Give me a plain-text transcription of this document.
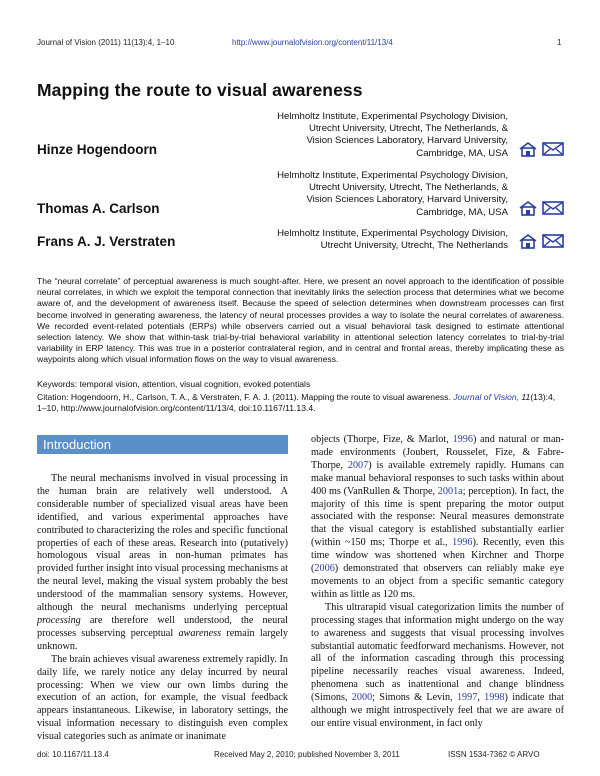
Journal of Vision (2011) 11(13):4, 1–10	http://www.journalofvision.org/content/11/13/4	1
Mapping the route to visual awareness
Helmholtz Institute, Experimental Psychology Division,
Utrecht University, Utrecht, The Netherlands, &
Vision Sciences Laboratory, Harvard University,
Cambridge, MA, USA
Hinze Hogendoorn
Helmholtz Institute, Experimental Psychology Division,
Utrecht University, Utrecht, The Netherlands, &
Vision Sciences Laboratory, Harvard University,
Cambridge, MA, USA
Thomas A. Carlson
Helmholtz Institute, Experimental Psychology Division,
Utrecht University, Utrecht, The Netherlands
Frans A. J. Verstraten

The “neural correlate” of perceptual awareness is much sought-after. Here, we present an novel approach to the identification of possible neural correlates, in which we exploit the temporal connection that inevitably links the selection process that determines what we become aware of, and the development of awareness itself. Because the speed of selection determines when downstream processes can first become involved in generating awareness, the latency of neural processes provides a way to isolate the neural correlates of awareness. We recorded event-related potentials (ERPs) while observers carried out a visual behavioral task designed to estimate attentional selection latency. We show that within-task trial-by-trial behavioral variability in attentional selection latency correlates to trial-by-trial variability in ERP latency. This was true in a posterior contralateral region, and in central and frontal areas, thereby implicating these as waypoints along which visual information flows on the way to visual awareness.

Keywords: temporal vision, attention, visual cognition, evoked potentials
Citation: Hogendoorn, H., Carlson, T. A., & Verstraten, F. A. J. (2011). Mapping the route to visual awareness. Journal of Vision, 11(13):4, 1–10, http://www.journalofvision.org/content/11/13/4, doi:10.1167/11.13.4.
Introduction

The neural mechanisms involved in visual processing in the human brain are relatively well understood. A considerable number of specialized visual areas have been identified, and various experimental approaches have contributed to characterizing the roles and specific functional properties of each of these areas. Research into (putatively) homologous visual areas in non-human primates has provided further insight into visual processing mechanisms at the neural level, making the visual system probably the best understood of the mammalian sensory systems. However, although the neural mechanisms underlying perceptual processing are therefore well understood, the neural processes subserving perceptual awareness remain largely unknown.

The brain achieves visual awareness extremely rapidly. In daily life, we rarely notice any delay incurred by neural processing: When we view our own limbs during the execution of an action, for example, the visual feedback appears instantaneous. Likewise, in laboratory settings, the visual information necessary to distinguish even complex visual categories such as animate or inanimate

objects (Thorpe, Fize, & Marlot, 1996) and natural or man-made environments (Joubert, Rousselet, Fize, & Fabre-Thorpe, 2007) is available extremely rapidly. Humans can make manual behavioral responses to such tasks within about 400 ms (VanRullen & Thorpe, 2001a; perception). In fact, the majority of this time is spent preparing the motor output associated with the response: Neural measures demonstrate that the visual category is established substantially earlier (within ~150 ms; Thorpe et al., 1996). Recently, even this time window was shortened when Kirchner and Thorpe (2006) demonstrated that observers can reliably make eye movements to an object from a specific semantic category within as little as 120 ms.

This ultrarapid visual categorization limits the number of processing stages that information might undergo on the way to awareness and suggests that visual processing involves substantial automatic feedforward mechanisms. However, not all of the information cascading through this processing pipeline necessarily reaches visual awareness. Indeed, phenomena such as inattentional and change blindness (Simons, 2000; Simons & Levin, 1997, 1998) indicate that although we might introspectively feel that we are aware of our entire visual environment, in fact only

doi: 10.1167/11.13.4	Received May 2, 2010; published November 3, 2011	ISSN 1534-7362 © ARVO
